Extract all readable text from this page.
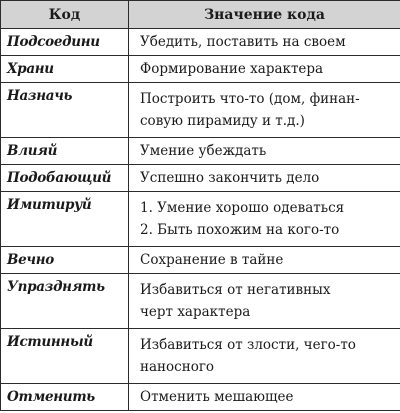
Код	Значение кода
Подсоедини	Убедить, поставить на своем

Храни	Формирование характера

Назначь	Построить что-то (дом, финан-
совую пирамиду и т.д.)

Влияй	Умение убеждать

Подобающий	Успешно закончить дело

Имитируй	1. Умение хорошо одеваться
2. Быть похожим на кого-то

Вечно	Сохранение в тайне

Упразднять	Избавиться от негативных
черт характера

Истинный	Избавиться от злости, чего-то
наносного

Отменить	Отменить мешающее
